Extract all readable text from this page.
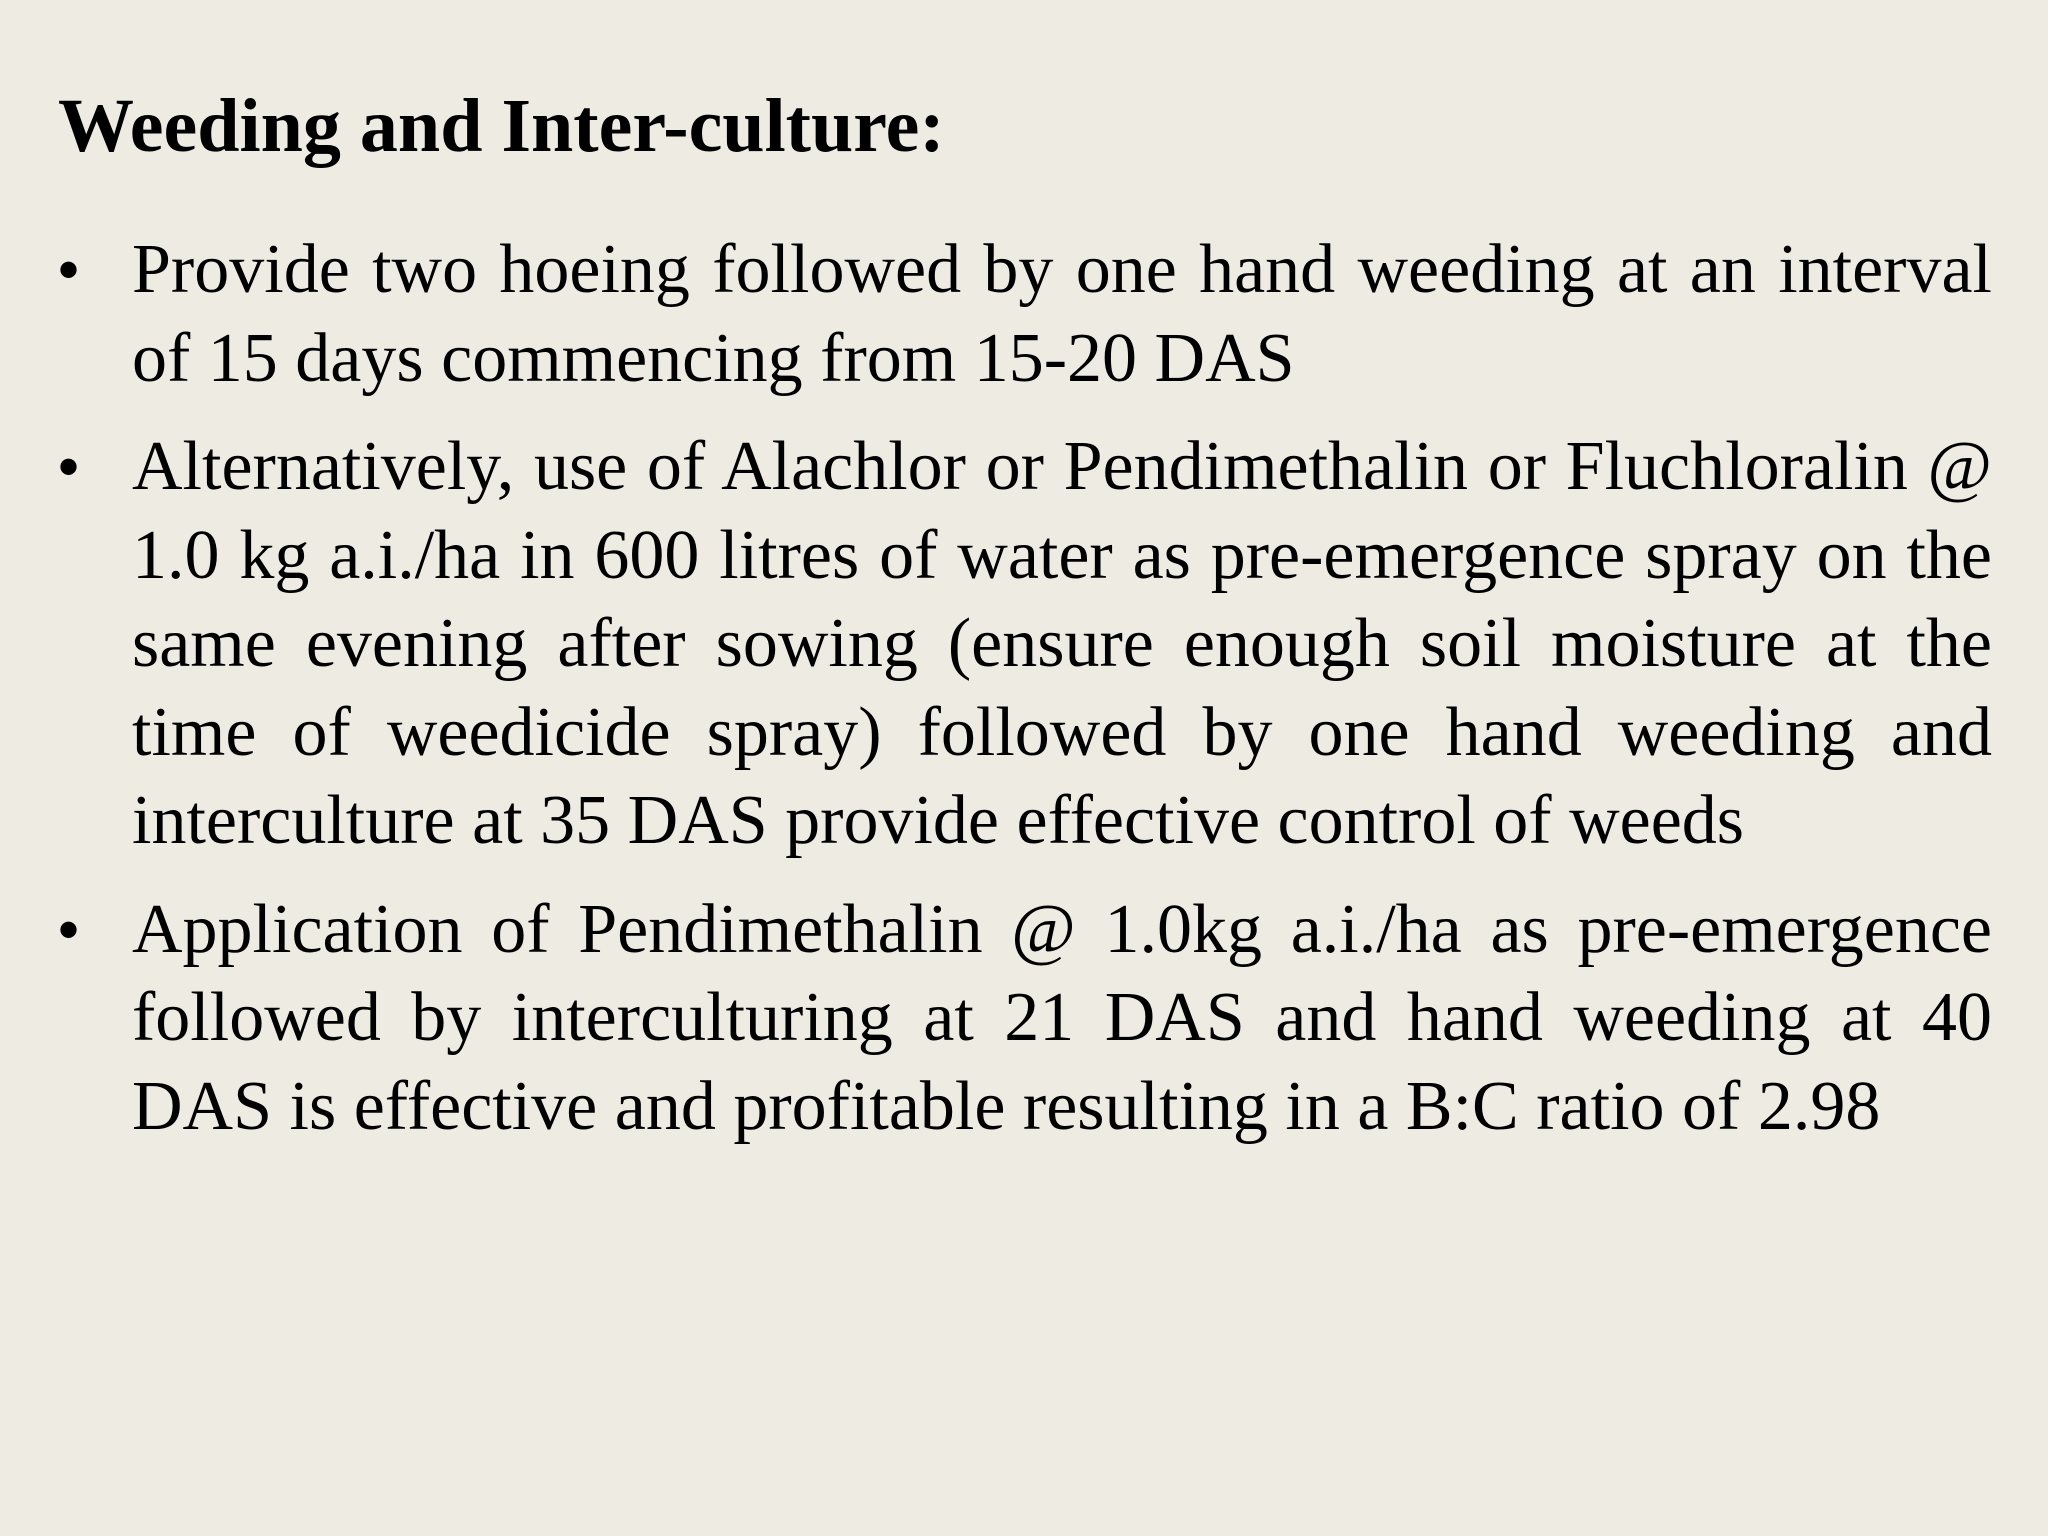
Weeding and Inter-culture:
• Provide two hoeing followed by one hand weeding at an interval of 15 days commencing from 15-20 DAS
• Alternatively, use of Alachlor or Pendimethalin or Fluchloralin @ 1.0 kg a.i./ha in 600 litres of water as pre-emergence spray on the same evening after sowing (ensure enough soil moisture at the time of weedicide spray) followed by one hand weeding and interculture at 35 DAS provide effective control of weeds
• Application of Pendimethalin @ 1.0kg a.i./ha as pre-emergence followed by interculturing at 21 DAS and hand weeding at 40 DAS is effective and profitable resulting in a B:C ratio of 2.98
